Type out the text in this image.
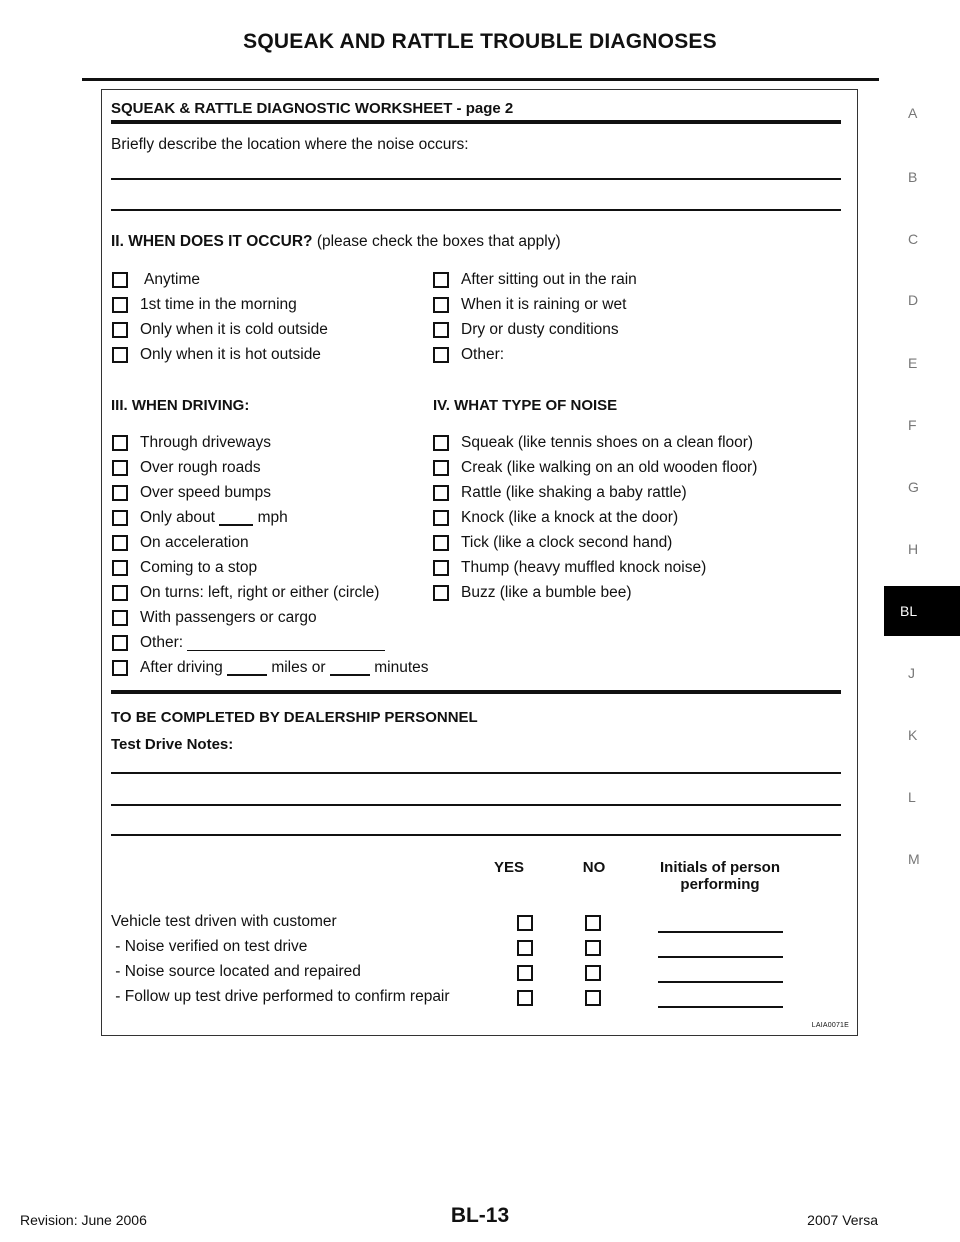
SQUEAK AND RATTLE TROUBLE DIAGNOSES
A
B
C
D
E
F
G
H
BL
J
K
L
M
SQUEAK & RATTLE DIAGNOSTIC WORKSHEET - page 2
Briefly describe the location where the noise occurs:
II. WHEN DOES IT OCCUR? (please check the boxes that apply)
Anytime
1st time in the morning
Only when it is cold outside
Only when it is hot outside
After sitting out in the rain
When it is raining or wet
Dry or dusty conditions
Other:
III. WHEN DRIVING:	IV. WHAT TYPE OF NOISE
Through driveways
Over rough roads
Over speed bumps
Only about

	mph
On acceleration
Coming to a stop
On turns: left, right or either (circle)
With passengers or cargo
Other:

After driving

	miles or

	minutes
Squeak (like tennis shoes on a clean floor)
Creak (like walking on an old wooden floor)
Rattle (like shaking a baby rattle)
Knock (like a knock at the door)
Tick (like a clock second hand)
Thump (heavy muffled knock noise)
Buzz (like a bumble bee)
TO BE COMPLETED BY DEALERSHIP PERSONNEL
Test Drive Notes:
YES	NO	Initials of person
performing
Vehicle test driven with customer
- Noise verified on test drive
- Noise source located and repaired
- Follow up test drive performed to confirm repair
LAIA0071E
Revision: June 2006	BL-13	2007 Versa
